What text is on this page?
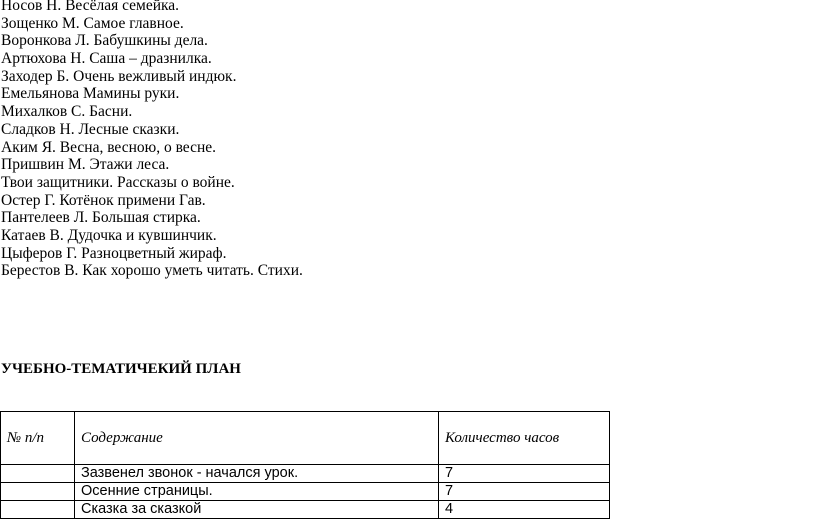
Носов Н. Весёлая семейка.
Зощенко М. Самое главное.
Воронкова Л. Бабушкины дела.
Артюхова Н. Саша – дразнилка.
Заходер Б. Очень вежливый индюк.
Емельянова Мамины руки.
Михалков С. Басни.
Сладков Н. Лесные сказки.
Аким Я. Весна, весною, о весне.
Пришвин М. Этажи леса.
Твои защитники. Рассказы о войне.
Остер Г. Котёнок примени Гав.
Пантелеев Л. Большая стирка.
Катаев В. Дудочка и кувшинчик.
Цыферов Г. Разноцветный жираф.
Берестов В. Как хорошо уметь читать. Стихи.
УЧЕБНО-ТЕМАТИЧЕКИЙ ПЛАН
№ п/п	Содержание	Количество часов
	Зазвенел звонок - начался урок.	7
	Осенние страницы.	7
	Сказка за сказкой	4
